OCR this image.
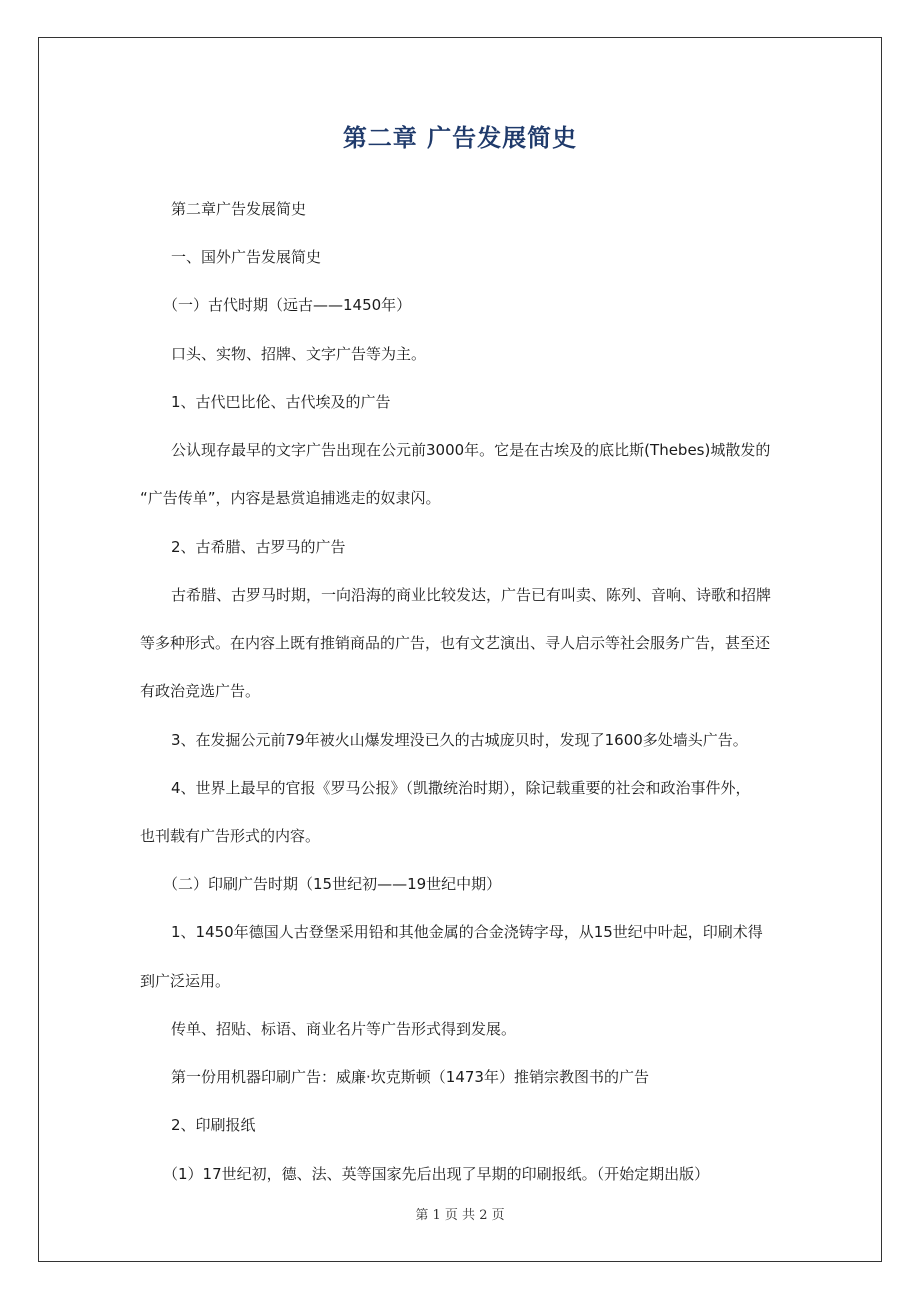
第二章 广告发展简史
第二章广告发展简史
一、国外广告发展简史
（一）古代时期（远古——1450年）
口头、实物、招牌、文字广告等为主。
1、古代巴比伦、古代埃及的广告
公认现存最早的文字广告出现在公元前3000年。它是在古埃及的底比斯(Thebes)城散发的
“广告传单”，内容是悬赏追捕逃走的奴隶闪。
2、古希腊、古罗马的广告
古希腊、古罗马时期，一向沿海的商业比较发达，广告已有叫卖、陈列、音响、诗歌和招牌
等多种形式。在内容上既有推销商品的广告，也有文艺演出、寻人启示等社会服务广告，甚至还
有政治竞选广告。
3、在发掘公元前79年被火山爆发埋没已久的古城庞贝时，发现了1600多处墙头广告。
4、世界上最早的官报《罗马公报》（凯撒统治时期），除记载重要的社会和政治事件外，
也刊载有广告形式的内容。
（二）印刷广告时期（15世纪初——19世纪中期）
1、1450年德国人古登堡采用铅和其他金属的合金浇铸字母，从15世纪中叶起，印刷术得
到广泛运用。
传单、招贴、标语、商业名片等广告形式得到发展。
第一份用机器印刷广告：威廉·坎克斯顿（1473年）推销宗教图书的广告
2、印刷报纸
（1）17世纪初，德、法、英等国家先后出现了早期的印刷报纸。（开始定期出版）
第 1 页 共 2 页
